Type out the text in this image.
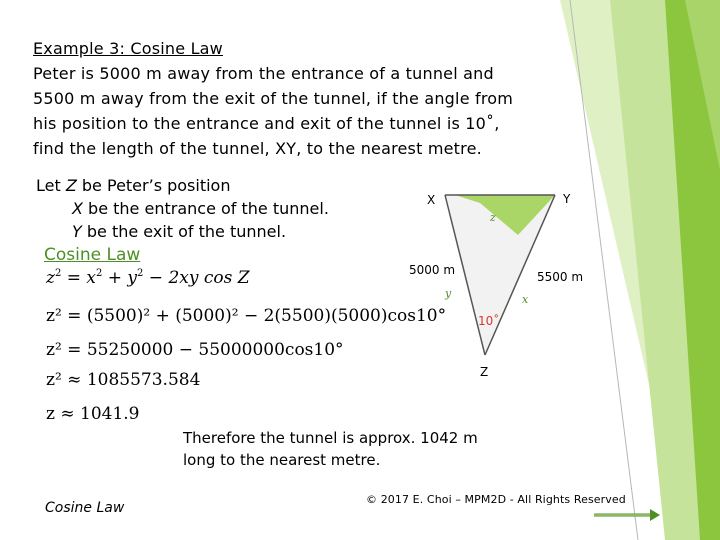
Example 3: Cosine Law
Peter is 5000 m away from the entrance of a tunnel and
5500 m away from the exit of the tunnel, if the angle from
his position to the entrance and exit of the tunnel is 10˚,
find the length of the tunnel, XY, to the nearest metre.
Let Z be Peter’s position
X be the entrance of the tunnel.
Y be the exit of the tunnel.
Cosine Law
$z^2 = x^2 + y^2 - 2xy$ cos Z
z² = (5500)² + (5000)² − 2(5500)(5000)cos10°
z² = 55250000 − 55000000cos10°
z² ≈ 1085573.584
z ≈ 1041.9
X	Y
z
5000 m	5500 m
y	x
10˚
Z
Therefore the tunnel is approx. 1042 m
long to the nearest metre.
Cosine Law
© 2017 E. Choi – MPM2D - All Rights Reserved
